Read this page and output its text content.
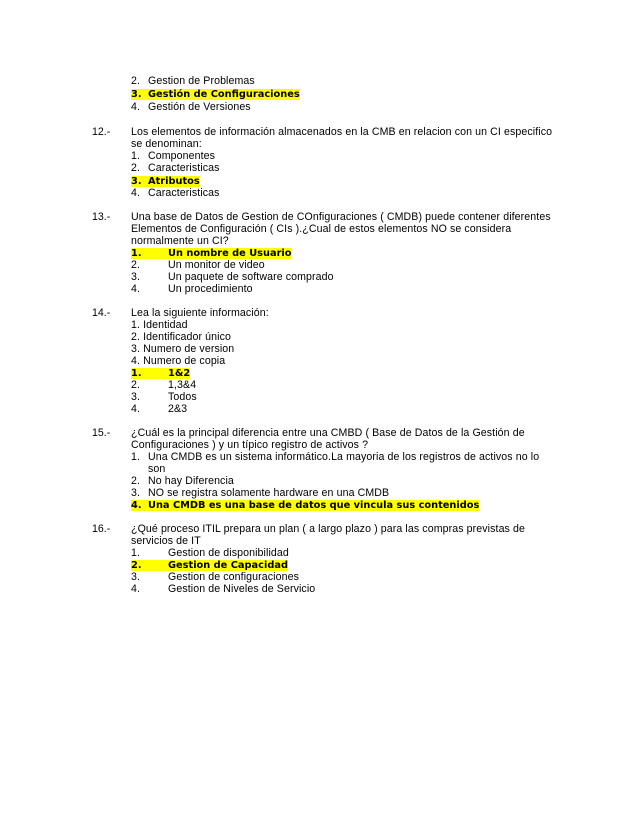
2. Gestion de Problemas
3. Gestión de Configuraciones
4. Gestión de Versiones
12.- Los elementos de información almacenados en la CMB en relacion con un CI especifico
se denominan:
1. Componentes
2. Caracteristicas
3. Atributos
4. Caracteristicas
13.- Una base de Datos de Gestion de COnfiguraciones ( CMDB) puede contener diferentes
Elementos de Configuración ( CIs ).¿Cual de estos elementos NO se considera
normalmente un CI?
1.	Un nombre de Usuario
2.	Un monitor de video
3.	Un paquete de software comprado
4.	Un procedimiento
14.- Lea la siguiente información:
1. Identidad
2. Identificador único
3. Numero de version
4. Numero de copia
1.	1&2
2.	1,3&4
3.	Todos
4.	2&3
15.- ¿Cuál es la principal diferencia entre una CMBD ( Base de Datos de la Gestión de
Configuraciones ) y un típico registro de activos ?
1. Una CMDB es un sistema informático.La mayoria de los registros de activos no lo
son
2. No hay Diferencia
3. NO se registra solamente hardware en una CMDB
4. Una CMDB es una base de datos que vincula sus contenidos
16.- ¿Qué proceso ITIL prepara un plan ( a largo plazo ) para las compras previstas de
servicios de IT
1.	Gestion de disponibilidad
2.	Gestion de Capacidad
3.	Gestion de configuraciones
4.	Gestion de Niveles de Servicio
